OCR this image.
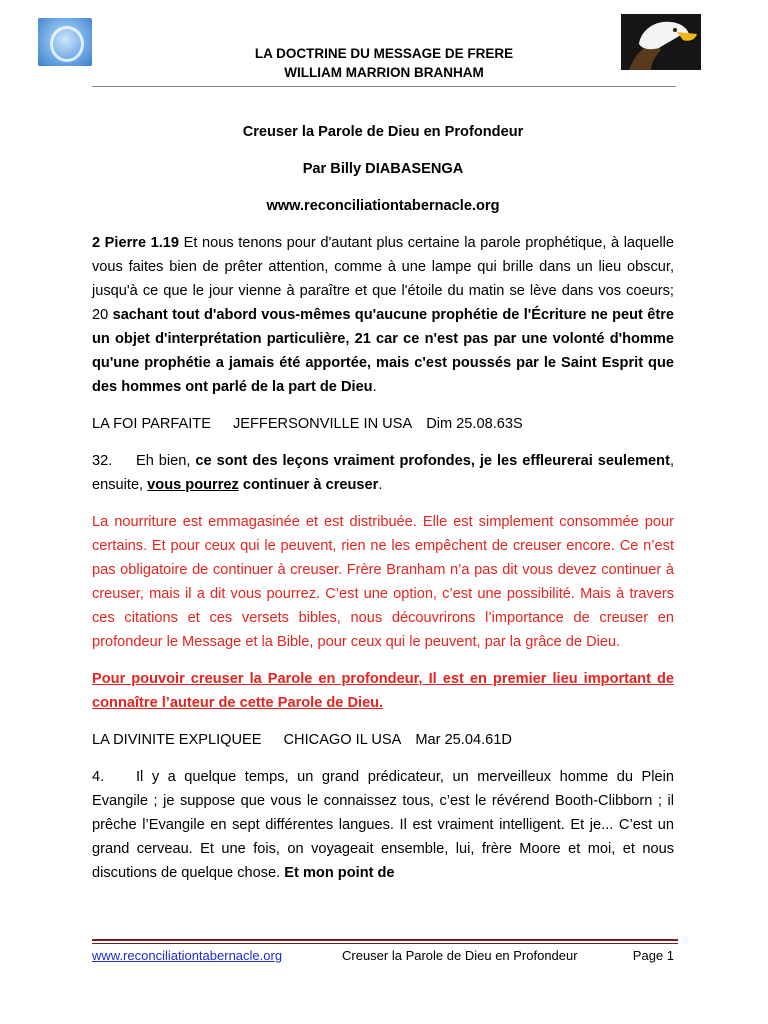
LA DOCTRINE DU MESSAGE DE FRERE
WILLIAM MARRION BRANHAM

Creuser la Parole de Dieu en Profondeur

Par Billy DIABASENGA

www.reconciliationtabernacle.org

2 Pierre 1.19 Et nous tenons pour d'autant plus certaine la parole prophétique, à laquelle vous faites bien de prêter attention, comme à une lampe qui brille dans un lieu obscur, jusqu'à ce que le jour vienne à paraître et que l'étoile du matin se lève dans vos coeurs; 20 sachant tout d'abord vous-mêmes qu'aucune prophétie de l'Écriture ne peut être un objet d'interprétation particulière, 21 car ce n'est pas par une volonté d'homme qu'une prophétie a jamais été apportée, mais c'est poussés par le Saint Esprit que des hommes ont parlé de la part de Dieu.

LA FOI PARFAITE JEFFERSONVILLE IN USA Dim 25.08.63S

32. Eh bien, ce sont des leçons vraiment profondes, je les effleurerai seulement, ensuite, vous pourrez continuer à creuser.

La nourriture est emmagasinée et est distribuée. Elle est simplement consommée pour certains. Et pour ceux qui le peuvent, rien ne les empêchent de creuser encore. Ce n’est pas obligatoire de continuer à creuser. Frère Branham n’a pas dit vous devez continuer à creuser, mais il a dit vous pourrez. C’est une option, c’est une possibilité. Mais à travers ces citations et ces versets bibles, nous découvrirons l’importance de creuser en profondeur le Message et la Bible, pour ceux qui le peuvent, par la grâce de Dieu.

Pour pouvoir creuser la Parole en profondeur, Il est en premier lieu important de connaître l’auteur de cette Parole de Dieu.

LA DIVINITE EXPLIQUEE CHICAGO IL USA Mar 25.04.61D

4. Il y a quelque temps, un grand prédicateur, un merveilleux homme du Plein Evangile ; je suppose que vous le connaissez tous, c’est le révérend Booth-Clibborn ; il prêche l’Evangile en sept différentes langues. Il est vraiment intelligent. Et je... C’est un grand cerveau. Et une fois, on voyageait ensemble, lui, frère Moore et moi, et nous discutions de quelque chose. Et mon point de

www.reconciliationtabernacle.org	Creuser la Parole de Dieu en Profondeur	Page 1
